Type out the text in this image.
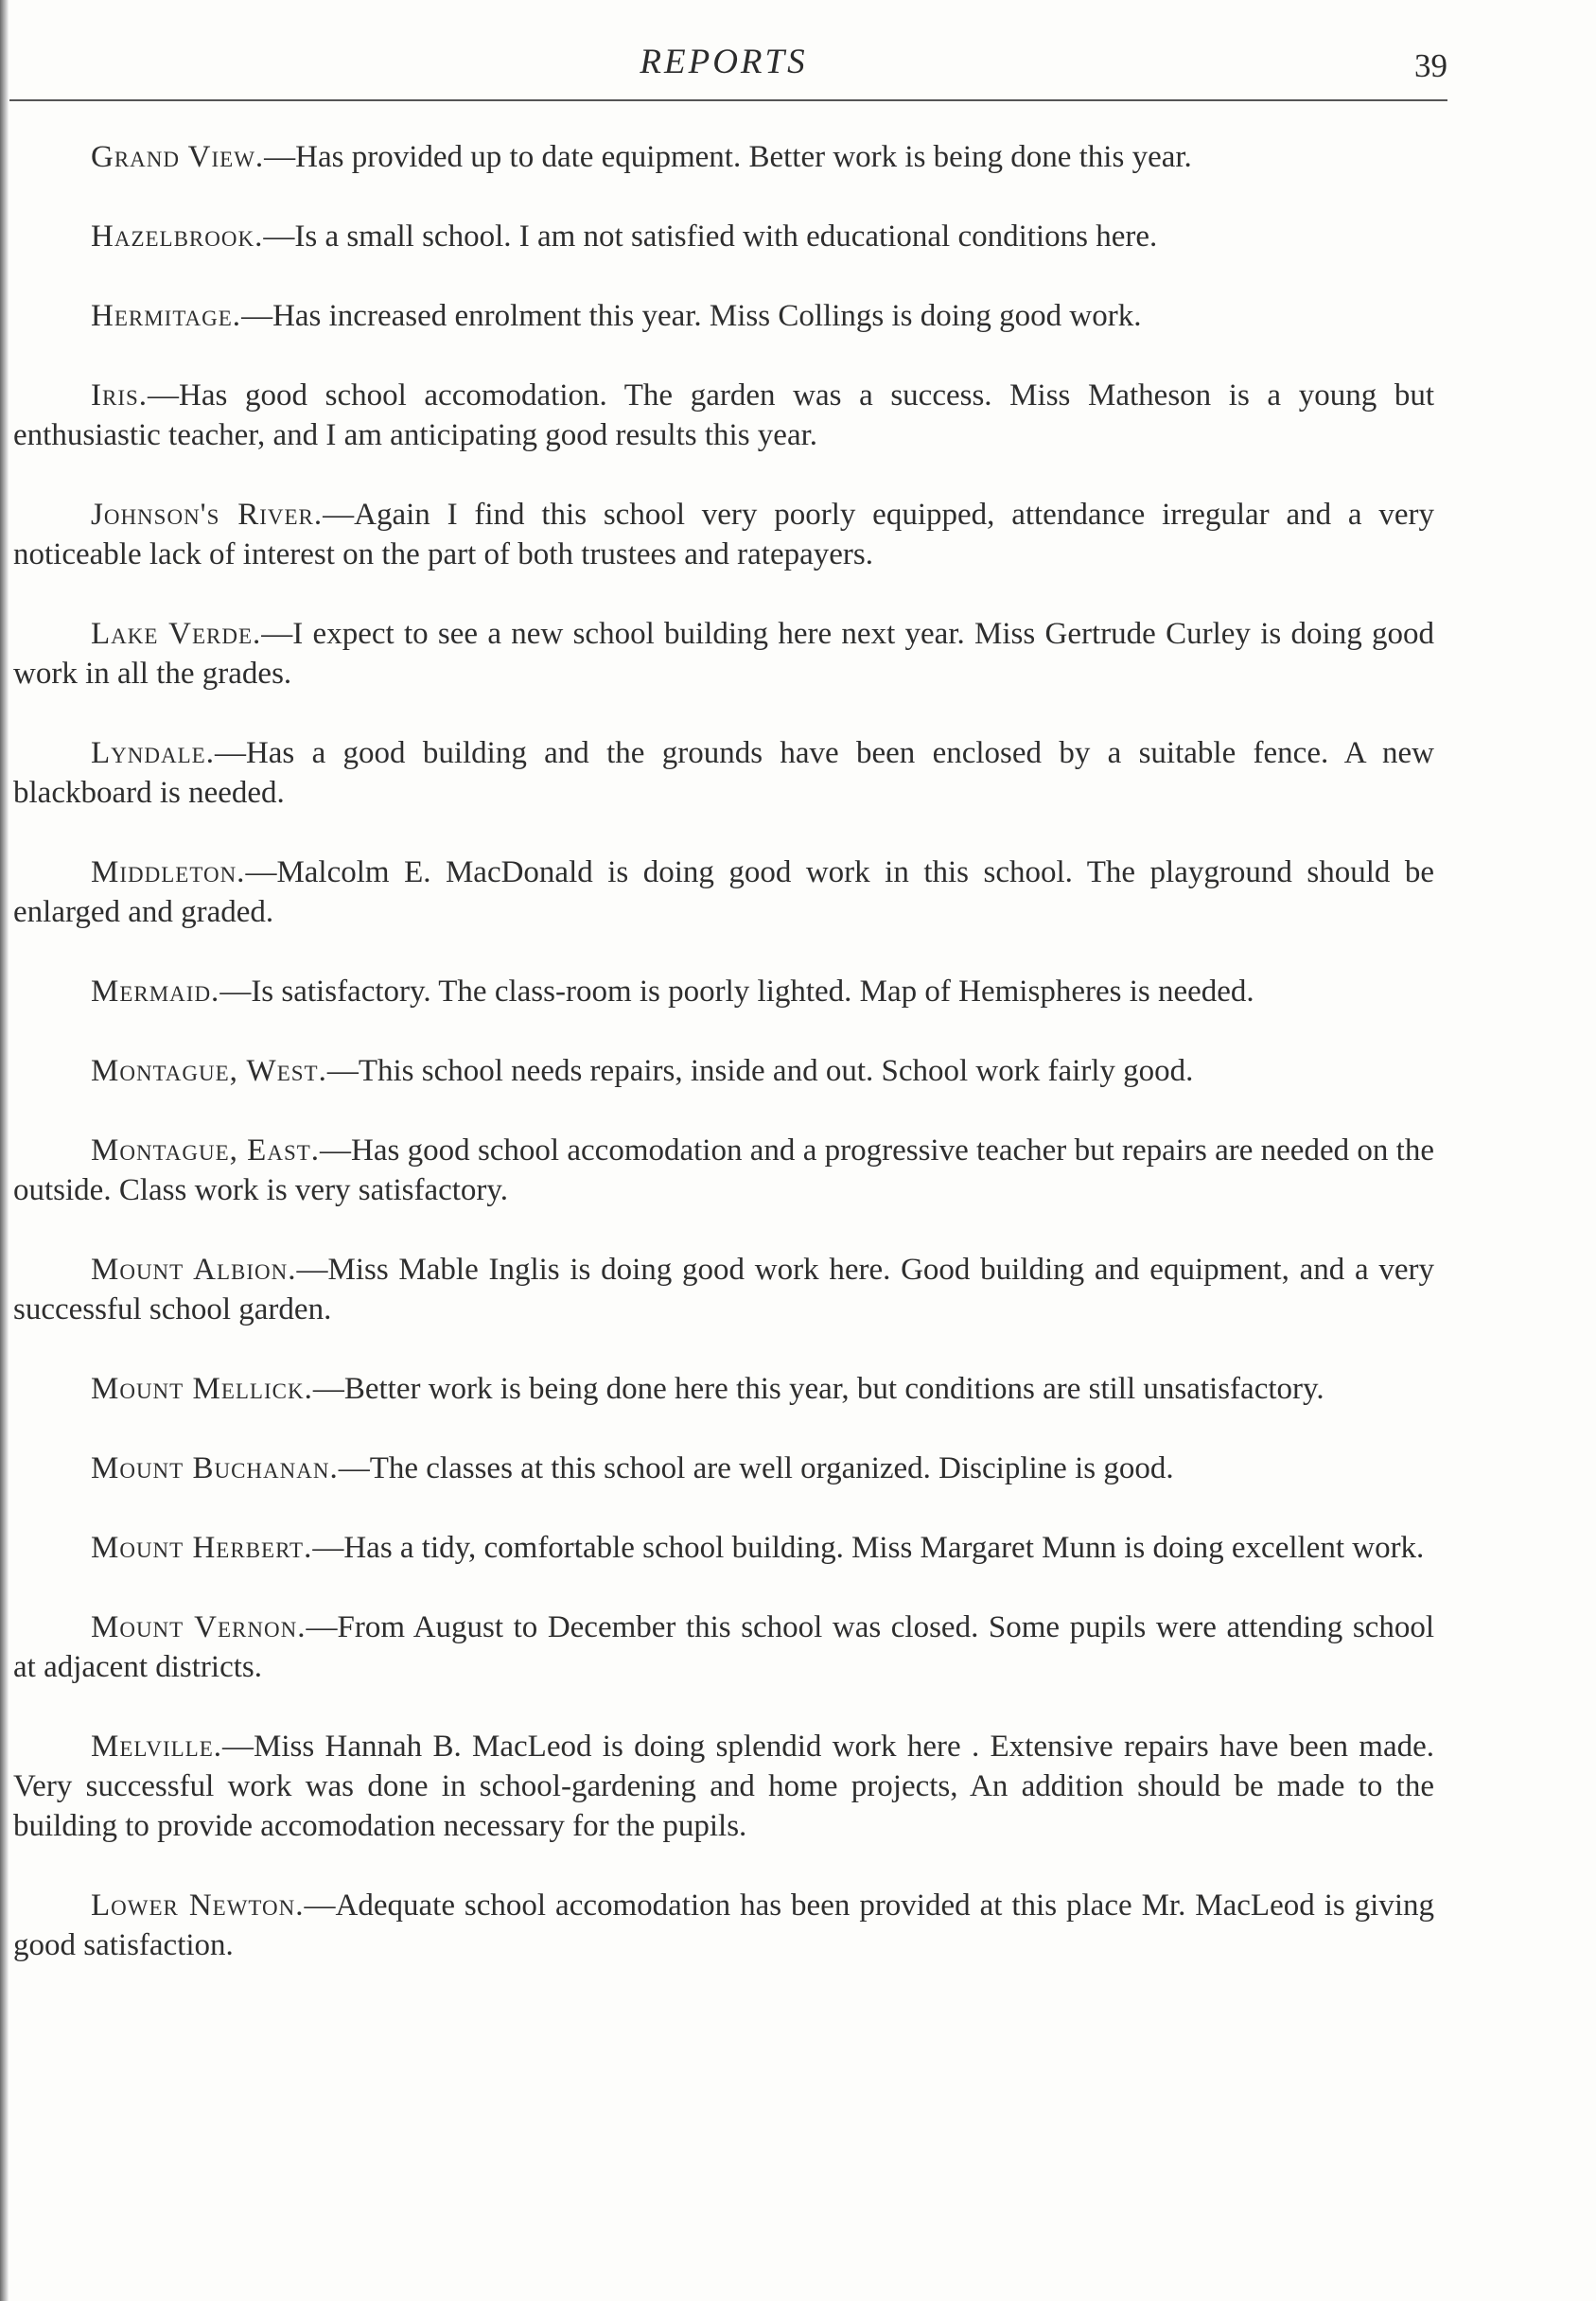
REPORTS	39

Grand View.—Has provided up to date equipment. Better work is being done this year.

Hazelbrook.—Is a small school. I am not satisfied with educational conditions here.

Hermitage.—Has increased enrolment this year. Miss Collings is doing good work.

Iris.—Has good school accomodation. The garden was a success. Miss Matheson is a young but enthusiastic teacher, and I am anticipating good results this year.

Johnson's River.—Again I find this school very poorly equipped, attendance irregular and a very noticeable lack of interest on the part of both trustees and ratepayers.

Lake Verde.—I expect to see a new school building here next year. Miss Gertrude Curley is doing good work in all the grades.

Lyndale.—Has a good building and the grounds have been enclosed by a suitable fence. A new blackboard is needed.

Middleton.—Malcolm E. MacDonald is doing good work in this school. The playground should be enlarged and graded.

Mermaid.—Is satisfactory. The class-room is poorly lighted. Map of Hemispheres is needed.

Montague, West.—This school needs repairs, inside and out. School work fairly good.

Montague, East.—Has good school accomodation and a progressive teacher but repairs are needed on the outside. Class work is very satisfactory.

Mount Albion.—Miss Mable Inglis is doing good work here. Good building and equipment, and a very successful school garden.

Mount Mellick.—Better work is being done here this year, but conditions are still unsatisfactory.

Mount Buchanan.—The classes at this school are well organized. Discipline is good.

Mount Herbert.—Has a tidy, comfortable school building. Miss Margaret Munn is doing excellent work.

Mount Vernon.—From August to December this school was closed. Some pupils were attending school at adjacent districts.

Melville.—Miss Hannah B. MacLeod is doing splendid work here . Extensive repairs have been made. Very successful work was done in school-gardening and home projects, An addition should be made to the building to provide accomodation necessary for the pupils.

Lower Newton.—Adequate school accomodation has been provided at this place Mr. MacLeod is giving good satisfaction.
